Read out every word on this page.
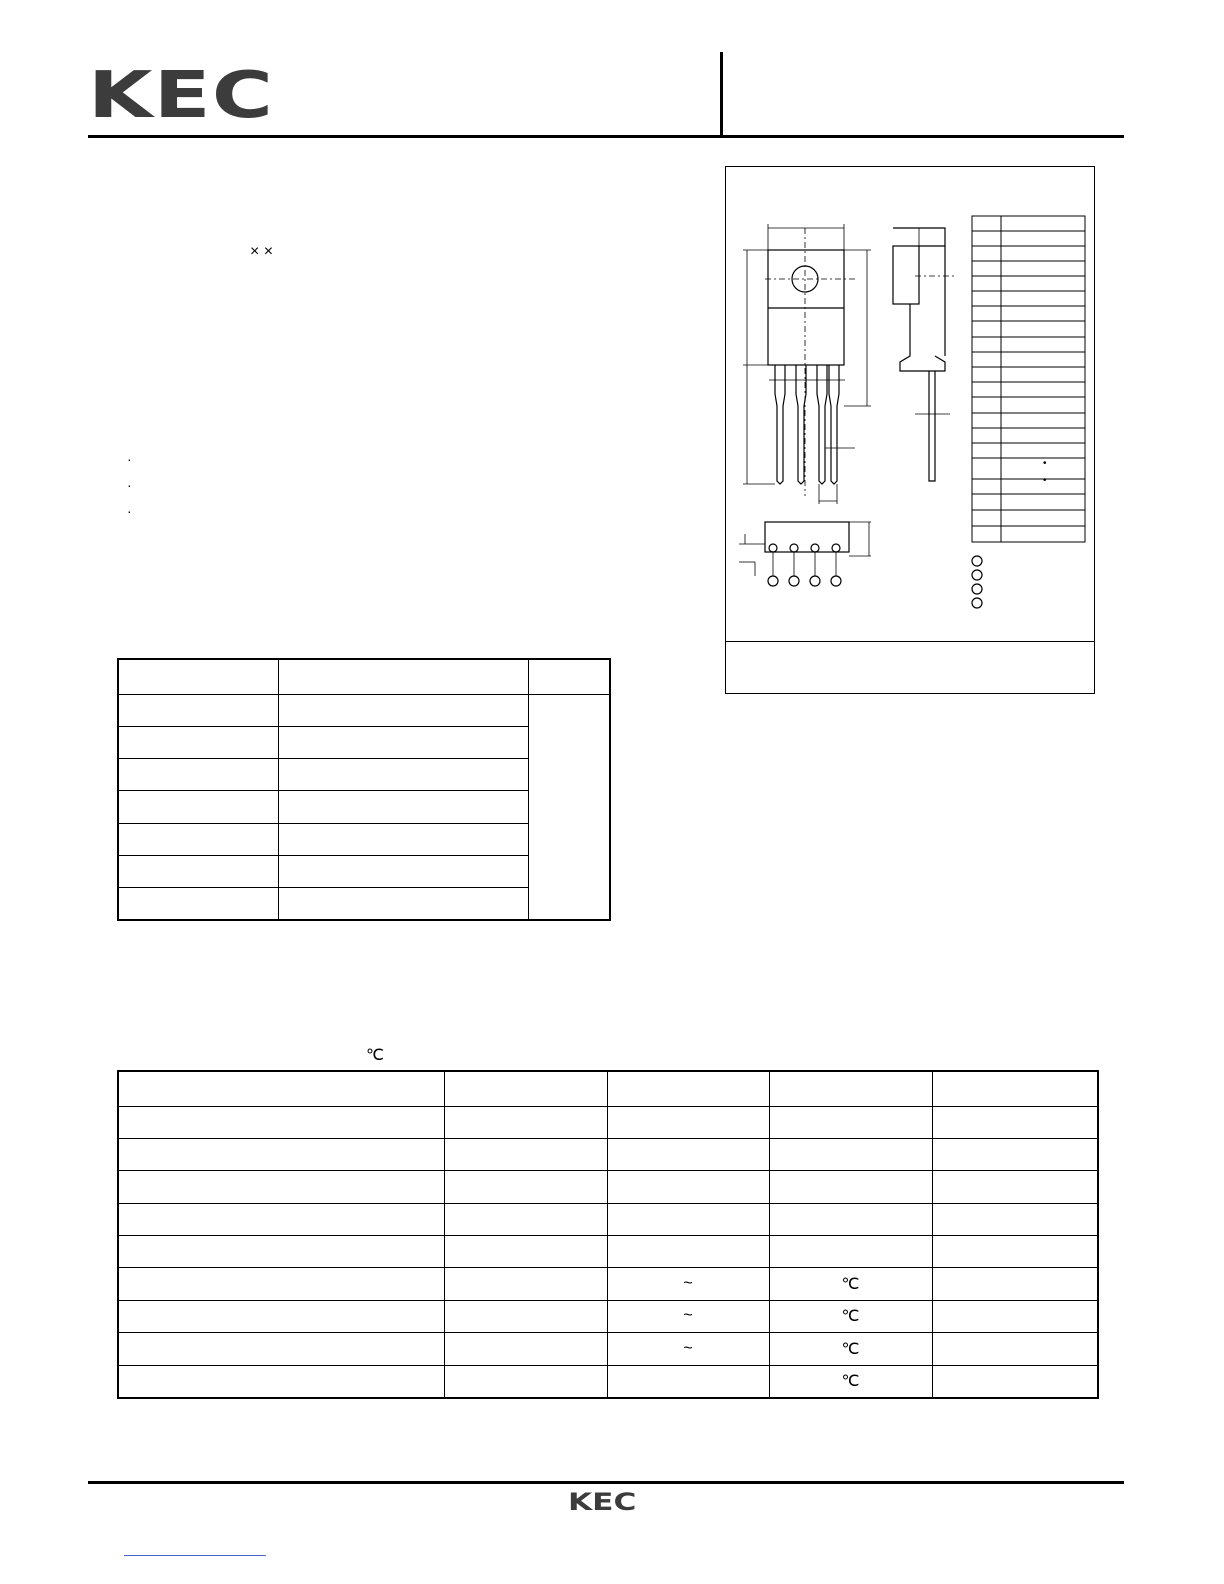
KEC
× ×
·
·
·
•
•

℃

		~	℃	
		~	℃	
		~	℃	
			℃	
KEC
